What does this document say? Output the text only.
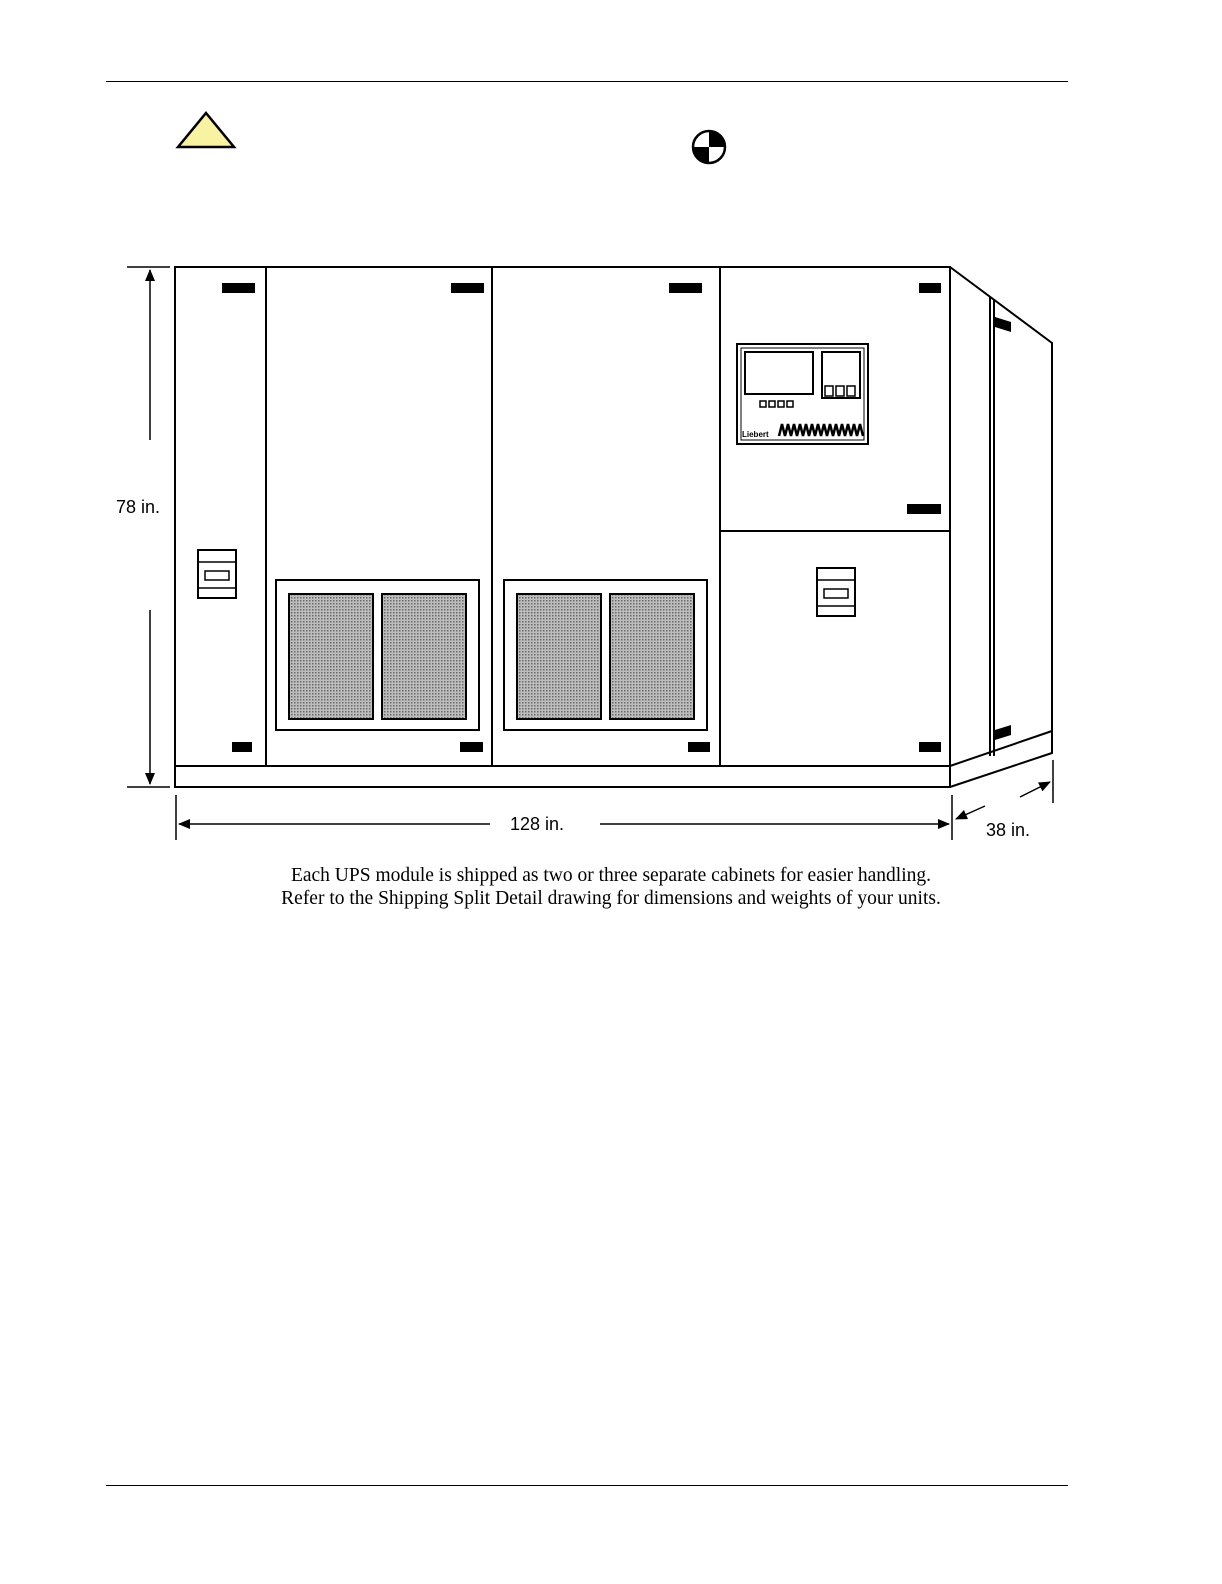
Liebert
78 in.
128 in.	38 in.
Each UPS module is shipped as two or three separate cabinets for easier handling.
Refer to the Shipping Split Detail drawing for dimensions and weights of your units.
